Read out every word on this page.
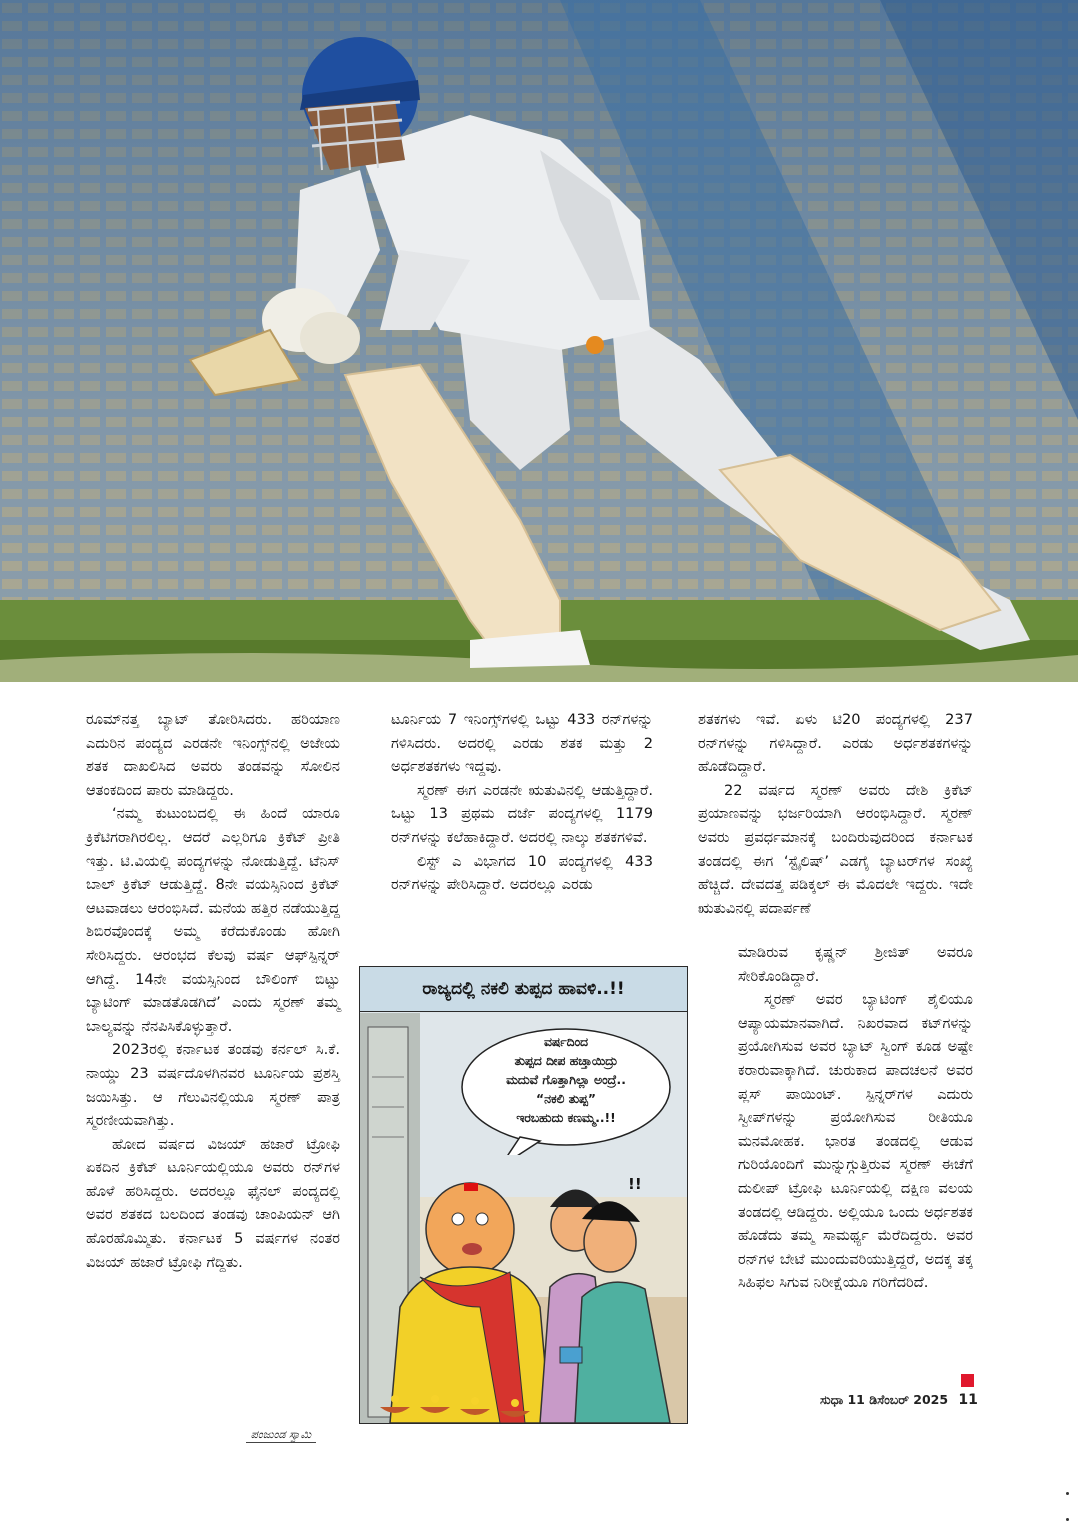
ರೂಮ್‌ನತ್ತ ಬ್ಯಾಟ್ ತೋರಿಸಿದರು. ಹರಿಯಾಣ ಎದುರಿನ ಪಂದ್ಯದ ಎರಡನೇ ಇನಿಂಗ್ಸ್‌ನಲ್ಲಿ ಅಜೇಯ ಶತಕ ದಾಖಲಿಸಿದ ಅವರು ತಂಡವನ್ನು ಸೋಲಿನ ಆತಂಕದಿಂದ ಪಾರು ಮಾಡಿದ್ದರು.

‘ನಮ್ಮ ಕುಟುಂಬದಲ್ಲಿ ಈ ಹಿಂದೆ ಯಾರೂ ಕ್ರಿಕೆಟಿಗರಾಗಿರಲಿಲ್ಲ. ಆದರೆ ಎಲ್ಲರಿಗೂ ಕ್ರಿಕೆಟ್ ಪ್ರೀತಿ ಇತ್ತು. ಟಿ.ವಿಯಲ್ಲಿ ಪಂದ್ಯಗಳನ್ನು ನೋಡುತ್ತಿದ್ದೆ. ಟೆನಿಸ್ ಬಾಲ್ ಕ್ರಿಕೆಟ್ ಆಡುತ್ತಿದ್ದೆ. 8ನೇ ವಯಸ್ಸಿನಿಂದ ಕ್ರಿಕೆಟ್ ಆಟವಾಡಲು ಆರಂಭಿಸಿದೆ. ಮನೆಯ ಹತ್ತಿರ ನಡೆಯುತ್ತಿದ್ದ ಶಿಬಿರವೊಂದಕ್ಕೆ ಅಮ್ಮ ಕರೆದುಕೊಂಡು ಹೋಗಿ ಸೇರಿಸಿದ್ದರು. ಆರಂಭದ ಕೆಲವು ವರ್ಷ ಆಫ್‌ಸ್ಪಿನ್ನರ್ ಆಗಿದ್ದೆ. 14ನೇ ವಯಸ್ಸಿನಿಂದ ಬೌಲಿಂಗ್ ಬಿಟ್ಟು ಬ್ಯಾಟಿಂಗ್ ಮಾಡತೊಡಗಿದೆ’ ಎಂದು ಸ್ಮರಣ್ ತಮ್ಮ ಬಾಲ್ಯವನ್ನು ನೆನಪಿಸಿಕೊಳ್ಳುತ್ತಾರೆ.

2023ರಲ್ಲಿ ಕರ್ನಾಟಕ ತಂಡವು ಕರ್ನಲ್ ಸಿ.ಕೆ. ನಾಯ್ಡು 23 ವರ್ಷದೊಳಗಿನವರ ಟೂರ್ನಿಯ ಪ್ರಶಸ್ತಿ ಜಯಿಸಿತ್ತು. ಆ ಗೆಲುವಿನಲ್ಲಿಯೂ ಸ್ಮರಣ್ ಪಾತ್ರ ಸ್ಮರಣೀಯವಾಗಿತ್ತು.

ಹೋದ ವರ್ಷದ ವಿಜಯ್ ಹಜಾರೆ ಟ್ರೋಫಿ ಏಕದಿನ ಕ್ರಿಕೆಟ್ ಟೂರ್ನಿಯಲ್ಲಿಯೂ ಅವರು ರನ್‌ಗಳ ಹೊಳೆ ಹರಿಸಿದ್ದರು. ಅದರಲ್ಲೂ ಫೈನಲ್ ಪಂದ್ಯದಲ್ಲಿ ಅವರ ಶತಕದ ಬಲದಿಂದ ತಂಡವು ಚಾಂಪಿಯನ್ ಆಗಿ ಹೊರಹೊಮ್ಮಿತು. ಕರ್ನಾಟಕ 5 ವರ್ಷಗಳ ನಂತರ ವಿಜಯ್ ಹಜಾರೆ ಟ್ರೋಫಿ ಗೆದ್ದಿತು.

ಟೂರ್ನಿಯ 7 ಇನಿಂಗ್ಸ್‌ಗಳಲ್ಲಿ ಒಟ್ಟು 433 ರನ್‌ಗಳನ್ನು ಗಳಿಸಿದರು. ಅದರಲ್ಲಿ ಎರಡು ಶತಕ ಮತ್ತು 2 ಅರ್ಧಶತಕಗಳು ಇದ್ದವು.

ಸ್ಮರಣ್ ಈಗ ಎರಡನೇ ಋತುವಿನಲ್ಲಿ ಆಡುತ್ತಿದ್ದಾರೆ. ಒಟ್ಟು 13 ಪ್ರಥಮ ದರ್ಜೆ ಪಂದ್ಯಗಳಲ್ಲಿ 1179 ರನ್‌ಗಳನ್ನು ಕಲೆಹಾಕಿದ್ದಾರೆ. ಅದರಲ್ಲಿ ನಾಲ್ಕು ಶತಕಗಳಿವೆ.

ಲಿಸ್ಟ್ ಎ ವಿಭಾಗದ 10 ಪಂದ್ಯಗಳಲ್ಲಿ 433 ರನ್‌ಗಳನ್ನು ಪೇರಿಸಿದ್ದಾರೆ. ಅದರಲ್ಲೂ ಎರಡು

ಶತಕಗಳು ಇವೆ. ಏಳು ಟಿ20 ಪಂದ್ಯಗಳಲ್ಲಿ 237 ರನ್‌ಗಳನ್ನು ಗಳಿಸಿದ್ದಾರೆ. ಎರಡು ಅರ್ಧಶತಕಗಳನ್ನು ಹೊಡೆದಿದ್ದಾರೆ.

22 ವರ್ಷದ ಸ್ಮರಣ್ ಅವರು ದೇಶಿ ಕ್ರಿಕೆಟ್ ಪ್ರಯಾಣವನ್ನು ಭರ್ಜರಿಯಾಗಿ ಆರಂಭಿಸಿದ್ದಾರೆ. ಸ್ಮರಣ್ ಅವರು ಪ್ರವರ್ಧಮಾನಕ್ಕೆ ಬಂದಿರುವುದರಿಂದ ಕರ್ನಾಟಕ ತಂಡದಲ್ಲಿ ಈಗ ‘ಸ್ಟೈಲಿಷ್’ ಎಡಗೈ ಬ್ಯಾಟರ್‌ಗಳ ಸಂಖ್ಯೆ ಹೆಚ್ಚಿದೆ. ದೇವದತ್ತ ಪಡಿಕ್ಕಲ್ ಈ ಮೊದಲೇ ಇದ್ದರು. ಇದೇ ಋತುವಿನಲ್ಲಿ ಪದಾರ್ಪಣೆ

ಮಾಡಿರುವ ಕೃಷ್ಣನ್ ಶ್ರೀಜಿತ್ ಅವರೂ ಸೇರಿಕೊಂಡಿದ್ದಾರೆ.

ಸ್ಮರಣ್ ಅವರ ಬ್ಯಾಟಿಂಗ್ ಶೈಲಿಯೂ ಆಪ್ಯಾಯಮಾನವಾಗಿದೆ. ನಿಖರವಾದ ಕಟ್‌ಗಳನ್ನು ಪ್ರಯೋಗಿಸುವ ಅವರ ಬ್ಯಾಟ್ ಸ್ವಿಂಗ್ ಕೂಡ ಅಷ್ಟೇ ಕರಾರುವಾಕ್ಕಾಗಿದೆ. ಚುರುಕಾದ ಪಾದಚಲನೆ ಅವರ ಪ್ಲಸ್ ಪಾಯಿಂಟ್. ಸ್ಪಿನ್ನರ್‌ಗಳ ಎದುರು ಸ್ವೀಪ್‌ಗಳನ್ನು ಪ್ರಯೋಗಿಸುವ ರೀತಿಯೂ ಮನಮೋಹಕ. ಭಾರತ ತಂಡದಲ್ಲಿ ಆಡುವ ಗುರಿಯೊಂದಿಗೆ ಮುನ್ನುಗ್ಗುತ್ತಿರುವ ಸ್ಮರಣ್ ಈಚೆಗೆ ದುಲೀಪ್ ಟ್ರೋಫಿ ಟೂರ್ನಿಯಲ್ಲಿ ದಕ್ಷಿಣ ವಲಯ ತಂಡದಲ್ಲಿ ಆಡಿದ್ದರು. ಅಲ್ಲಿಯೂ ಒಂದು ಅರ್ಧಶತಕ ಹೊಡೆದು ತಮ್ಮ ಸಾಮರ್ಥ್ಯ ಮೆರೆದಿದ್ದರು. ಅವರ ರನ್‌ಗಳ ಬೇಟೆ ಮುಂದುವರಿಯುತ್ತಿದ್ದರೆ, ಅದಕ್ಕ ತಕ್ಕ ಸಿಹಿಫಲ ಸಿಗುವ ನಿರೀಕ್ಷೆಯೂ ಗರಿಗೆದರಿದೆ.

ರಾಜ್ಯದಲ್ಲಿ ನಕಲಿ ತುಪ್ಪದ ಹಾವಳಿ..!!
ವರ್ಷದಿಂದ
ತುಪ್ಪದ ದೀಪ ಹಚ್ತಾಯಿದ್ರು
ಮದುವೆ ಗೊತ್ತಾಗಿಲ್ಲಾ ಅಂದ್ರೆ..
“ನಕಲಿ ತುಪ್ಪ”
ಇರಬಹುದು ಕಣಮ್ಮ..!!
!!
ಪಂಜುಂಡ ಸ್ವಾಮಿ
ಸುಧಾ 11 ಡಿಸೆಂಬರ್ 2025 11
